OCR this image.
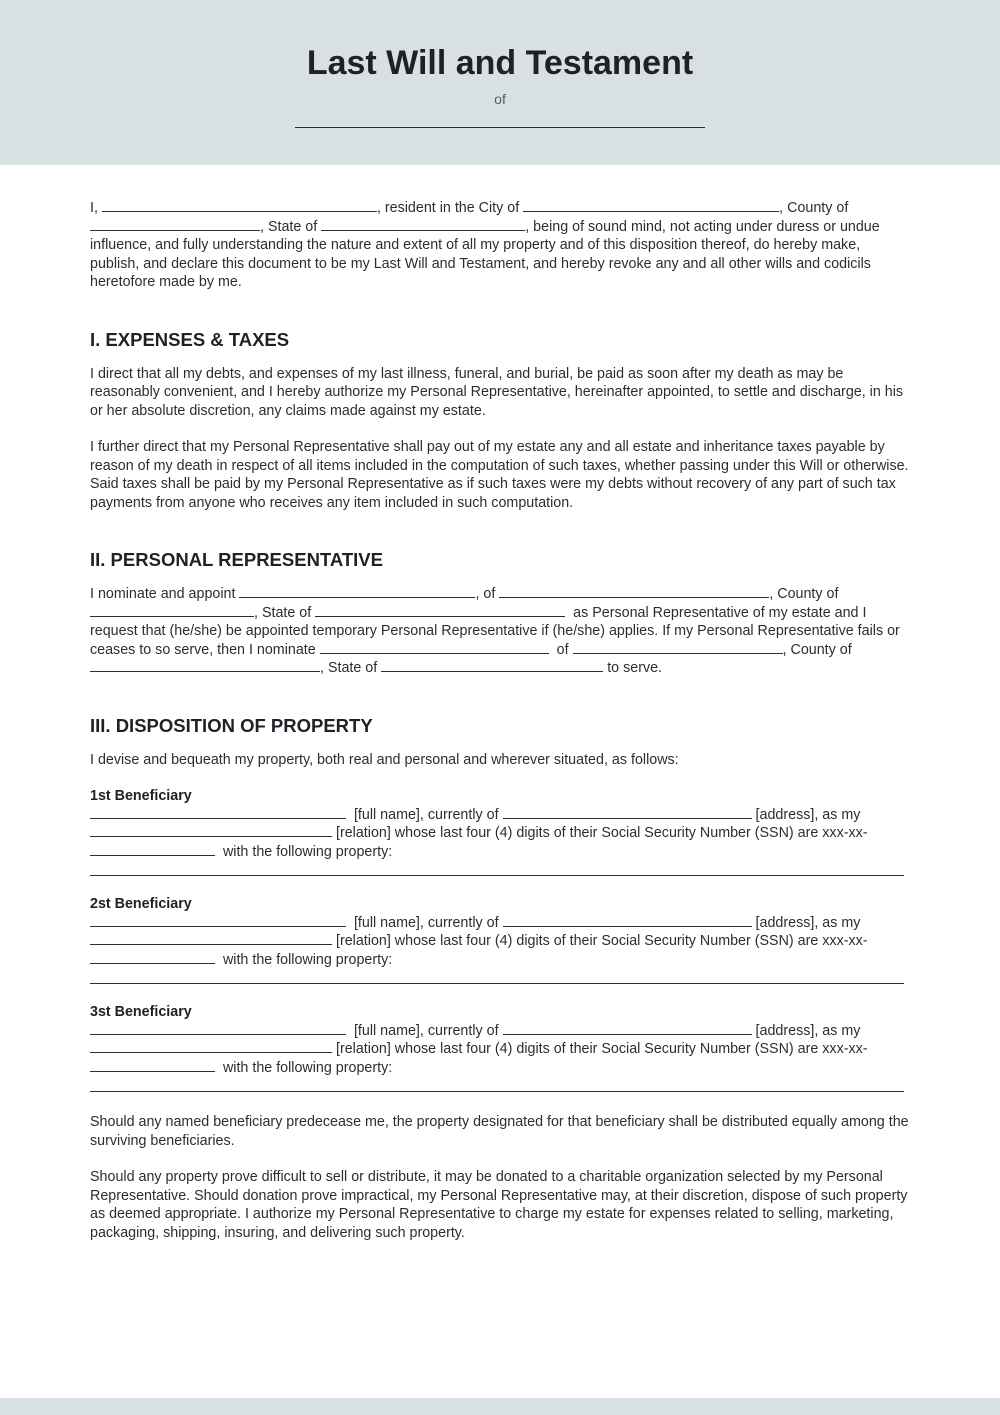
Last Will and Testament
of

I,	, resident in the City of	, County of , State of	, being of sound mind, not acting under duress or undue influence, and fully understanding the nature and extent of all my property and of this disposition thereof, do hereby make, publish, and declare this document to be my Last Will and Testament, and hereby revoke any and all other wills and codicils heretofore made by me.

I. EXPENSES & TAXES

I direct that all my debts, and expenses of my last illness, funeral, and burial, be paid as soon after my death as may be reasonably convenient, and I hereby authorize my Personal Representative, hereinafter appointed, to settle and discharge, in his or her absolute discretion, any claims made against my estate.

I further direct that my Personal Representative shall pay out of my estate any and all estate and inheritance taxes payable by reason of my death in respect of all items included in the computation of such taxes, whether passing under this Will or otherwise. Said taxes shall be paid by my Personal Representative as if such taxes were my debts without recovery of any part of such tax payments from anyone who receives any item included in such computation.

II. PERSONAL REPRESENTATIVE

I nominate and appoint	, of	, County of , State of	as Personal Representative of my estate and I request that (he/she) be appointed temporary Personal Representative if (he/she) applies. If my Personal Representative fails or ceases to so serve, then I nominate	of	, County of , State of	to serve.

III. DISPOSITION OF PROPERTY

I devise and bequeath my property, both real and personal and wherever situated, as follows:

1st Beneficiary

[full name], currently of	[address], as my  [relation] whose last four (4) digits of their Social Security Number (SSN) are xxx-xx-  with the following property:

2st Beneficiary

[full name], currently of	[address], as my  [relation] whose last four (4) digits of their Social Security Number (SSN) are xxx-xx-  with the following property:

3st Beneficiary

[full name], currently of	[address], as my  [relation] whose last four (4) digits of their Social Security Number (SSN) are xxx-xx-  with the following property:

Should any named beneficiary predecease me, the property designated for that beneficiary shall be distributed equally among the surviving beneficiaries.

Should any property prove difficult to sell or distribute, it may be donated to a charitable organization selected by my Personal Representative. Should donation prove impractical, my Personal Representative may, at their discretion, dispose of such property as deemed appropriate. I authorize my Personal Representative to charge my estate for expenses related to selling, marketing, packaging, shipping, insuring, and delivering such property.
